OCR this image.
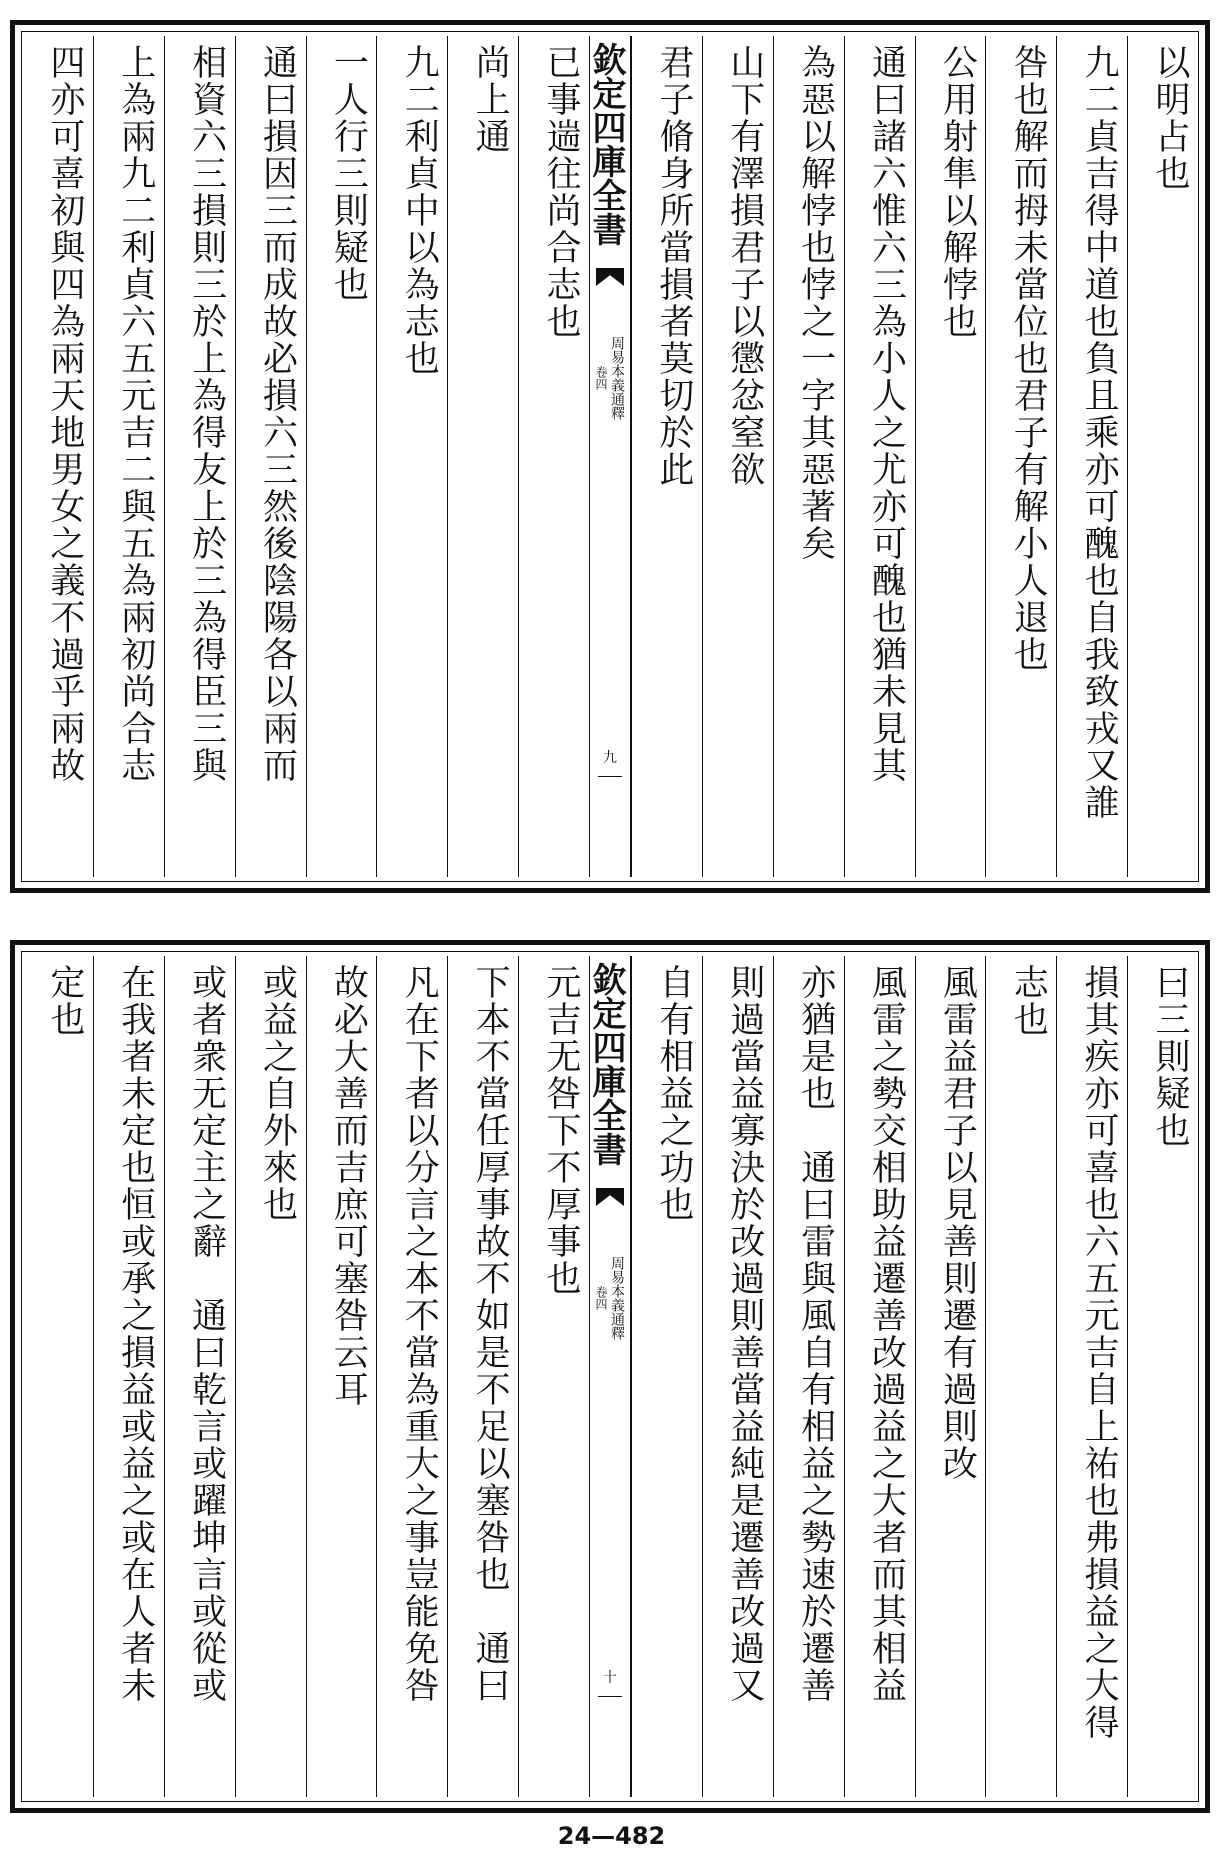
以明占也
九二貞吉得中道也負且乘亦可醜也自我致戎又誰
咎也解而拇未當位也君子有解小人退也
公用射隼以解悖也
通曰諸六惟六三為小人之尤亦可醜也猶未見其
為惡以解悖也悖之一字其惡著矣
山下有澤損君子以懲忿窒欲
君子脩身所當損者莫切於此
欽定四庫全書
周易本義通釋
卷四
九
已事遄往尚合志也
尚上通
九二利貞中以為志也
一人行三則疑也
通曰損因三而成故必損六三然後陰陽各以兩而
相資六三損則三於上為得友上於三為得臣三與
上為兩九二利貞六五元吉二與五為兩初尚合志
四亦可喜初與四為兩天地男女之義不過乎兩故
曰三則疑也
損其疾亦可喜也六五元吉自上祐也弗損益之大得
志也
風雷益君子以見善則遷有過則改
風雷之勢交相助益遷善改過益之大者而其相益
亦猶是也　通曰雷與風自有相益之勢速於遷善
則過當益寡決於改過則善當益純是遷善改過又
自有相益之功也
欽定四庫全書
周易本義通釋
卷四
十
元吉无咎下不厚事也
下本不當任厚事故不如是不足以塞咎也　通曰
凡在下者以分言之本不當為重大之事豈能免咎
故必大善而吉庶可塞咎云耳
或益之自外來也
或者衆无定主之辭　通曰乾言或躍坤言或從或
在我者未定也恒或承之損益或益之或在人者未
定也
24—482
